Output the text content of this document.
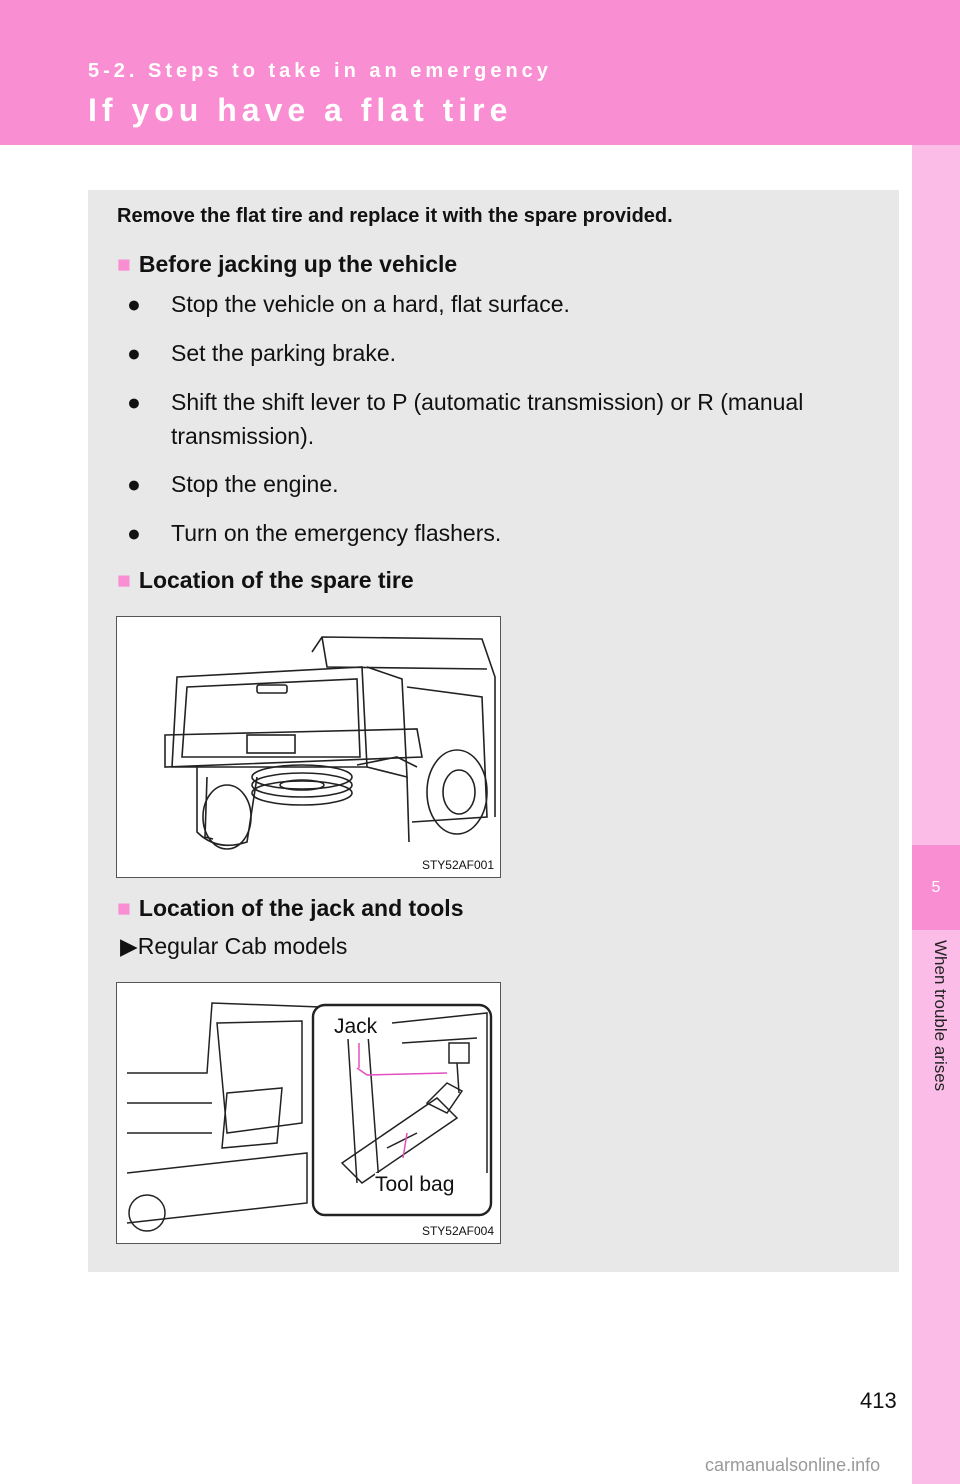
5-2. Steps to take in an emergency
If you have a flat tire
5
When trouble arises
Remove the flat tire and replace it with the spare provided.
■ Before jacking up the vehicle
● Stop the vehicle on a hard, flat surface.
● Set the parking brake.
● Shift the shift lever to P (automatic transmission) or R (manual transmission).
● Stop the engine.
● Turn on the emergency flashers.
■ Location of the spare tire
STY52AF001
■ Location of the jack and tools
▶Regular Cab models
Jack
Tool bag
STY52AF004
413
carmanualsonline.info
